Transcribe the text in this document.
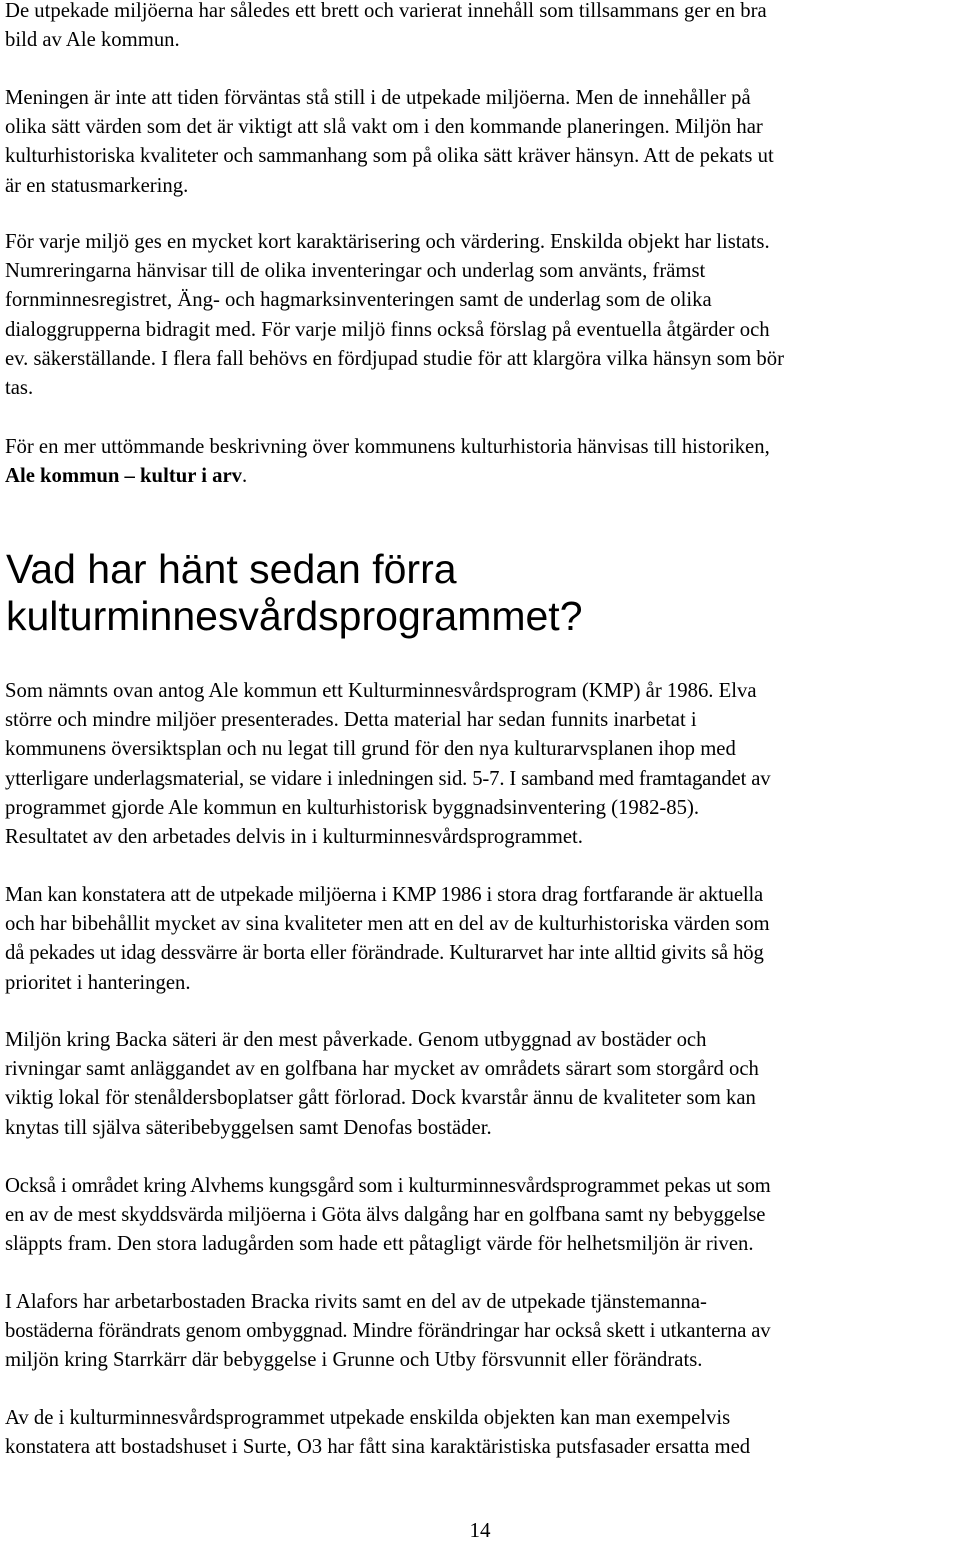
De utpekade miljöerna har således ett brett och varierat innehåll som tillsammans ger en bra
bild av Ale kommun.

Meningen är inte att tiden förväntas stå still i de utpekade miljöerna. Men de innehåller på
olika sätt värden som det är viktigt att slå vakt om i den kommande planeringen. Miljön har
kulturhistoriska kvaliteter och sammanhang som på olika sätt kräver hänsyn. Att de pekats ut
är en statusmarkering.

För varje miljö ges en mycket kort karaktärisering och värdering. Enskilda objekt har listats.
Numreringarna hänvisar till de olika inventeringar och underlag som använts, främst
fornminnesregistret, Äng- och hagmarksinventeringen samt de underlag som de olika
dialoggrupperna bidragit med. För varje miljö finns också förslag på eventuella åtgärder och
ev. säkerställande. I flera fall behövs en fördjupad studie för att klargöra vilka hänsyn som bör
tas.

För en mer uttömmande beskrivning över kommunens kulturhistoria hänvisas till historiken,
Ale kommun – kultur i arv.

Vad har hänt sedan förra
kulturminnesvårdsprogrammet?

Som nämnts ovan antog Ale kommun ett Kulturminnesvårdsprogram (KMP) år 1986. Elva
större och mindre miljöer presenterades. Detta material har sedan funnits inarbetat i
kommunens översiktsplan och nu legat till grund för den nya kulturarvsplanen ihop med
ytterligare underlagsmaterial, se vidare i inledningen sid. 5-7. I samband med framtagandet av
programmet gjorde Ale kommun en kulturhistorisk byggnadsinventering (1982-85).
Resultatet av den arbetades delvis in i kulturminnesvårdsprogrammet.

Man kan konstatera att de utpekade miljöerna i KMP 1986 i stora drag fortfarande är aktuella
och har bibehållit mycket av sina kvaliteter men att en del av de kulturhistoriska värden som
då pekades ut idag dessvärre är borta eller förändrade. Kulturarvet har inte alltid givits så hög
prioritet i hanteringen.

Miljön kring Backa säteri är den mest påverkade. Genom utbyggnad av bostäder och
rivningar samt anläggandet av en golfbana har mycket av områdets särart som storgård och
viktig lokal för stenåldersboplatser gått förlorad. Dock kvarstår ännu de kvaliteter som kan
knytas till själva säteribebyggelsen samt Denofas bostäder.

Också i området kring Alvhems kungsgård som i kulturminnesvårdsprogrammet pekas ut som
en av de mest skyddsvärda miljöerna i Göta älvs dalgång har en golfbana samt ny bebyggelse
släppts fram. Den stora ladugården som hade ett påtagligt värde för helhetsmiljön är riven.

I Alafors har arbetarbostaden Bracka rivits samt en del av de utpekade tjänstemanna-
bostäderna förändrats genom ombyggnad. Mindre förändringar har också skett i utkanterna av
miljön kring Starrkärr där bebyggelse i Grunne och Utby försvunnit eller förändrats.

Av de i kulturminnesvårdsprogrammet utpekade enskilda objekten kan man exempelvis
konstatera att bostadshuset i Surte, O3 har fått sina karaktäristiska putsfasader ersatta med

14
